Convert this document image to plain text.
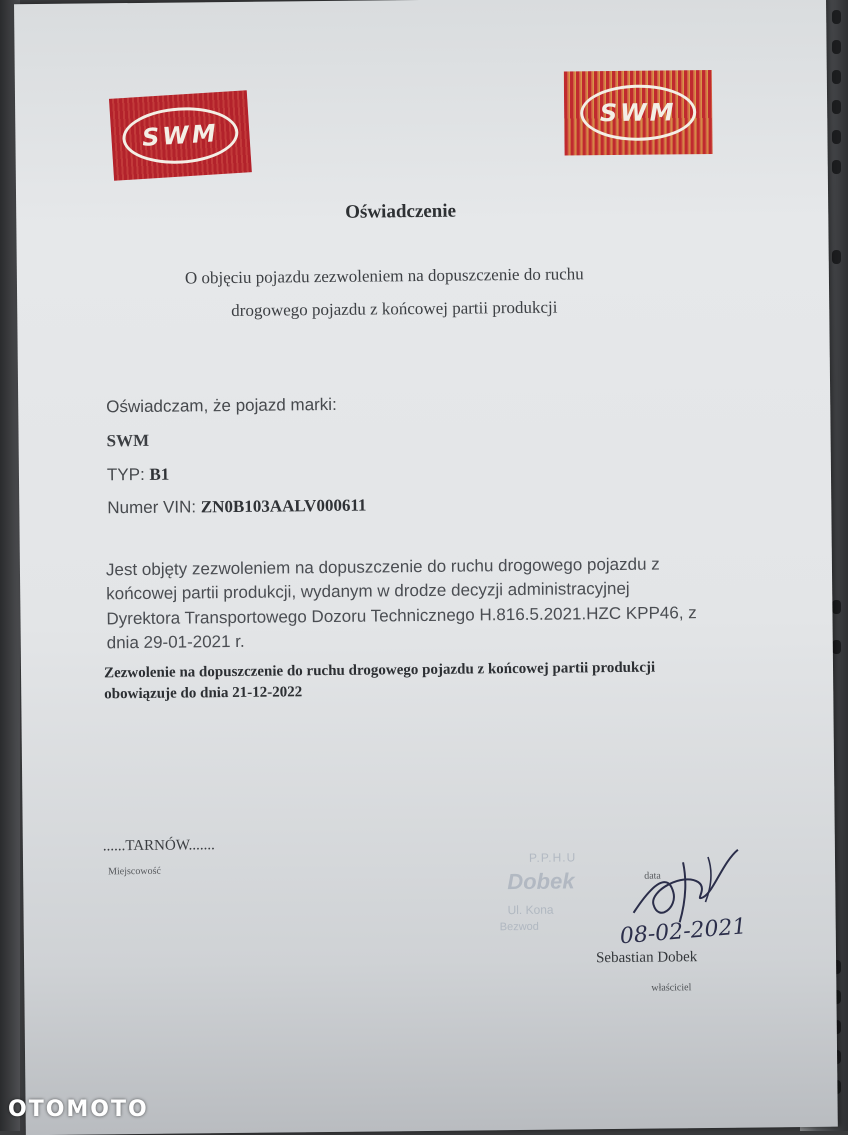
SWM
SWM
Oświadczenie
O objęciu pojazdu zezwoleniem na dopuszczenie do ruchu
drogowego pojazdu z końcowej partii produkcji
Oświadczam, że pojazd marki:
SWM
TYP: B1
Numer VIN: ZN0B103AALV000611
Jest objęty zezwoleniem na dopuszczenie do ruchu drogowego pojazdu z
końcowej partii produkcji, wydanym w drodze decyzji administracyjnej
Dyrektora Transportowego Dozoru Technicznego H.816.5.2021.HZC KPP46, z
dnia 29-01-2021 r.
Zezwolenie na dopuszczenie do ruchu drogowego pojazdu z końcowej partii produkcji
obowiązuje do dnia 21-12-2022
......TARNÓW.......
Miejscowość
P.P.H.U
Dobek
Ul. Kona
Bezwod
data
08-02-2021
Sebastian Dobek
właściciel
OTOMOTO
